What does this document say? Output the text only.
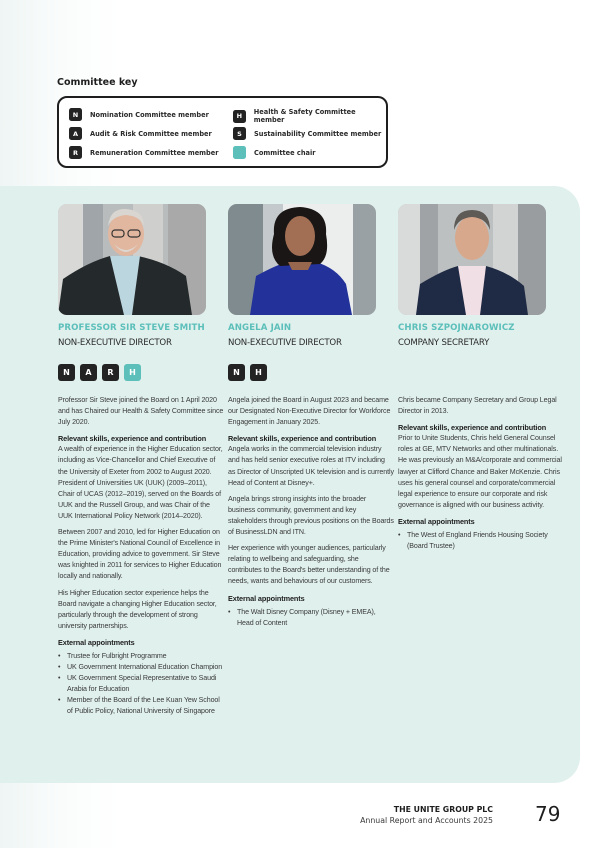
Committee key
N	Nomination Committee member
A	Audit & Risk Committee member
R	Remuneration Committee member
H	Health & Safety Committee member
S	Sustainability Committee member
Committee chair
PROFESSOR SIR STEVE SMITH
NON-EXECUTIVE DIRECTOR
N	A	R	H

Professor Sir Steve joined the Board on 1 April 2020 and has Chaired our Health & Safety Committee since July 2020.

Relevant skills, experience and contribution

A wealth of experience in the Higher Education sector, including as Vice-Chancellor and Chief Executive of the University of Exeter from 2002 to August 2020. President of Universities UK (UUK) (2009–2011), Chair of UCAS (2012–2019), served on the Boards of UUK and the Russell Group, and was Chair of the UUK International Policy Network (2014–2020).

Between 2007 and 2010, led for Higher Education on the Prime Minister's National Council of Excellence in Education, providing advice to government. Sir Steve was knighted in 2011 for services to Higher Education locally and nationally.

His Higher Education sector experience helps the Board navigate a changing Higher Education sector, particularly through the development of strong university partnerships.

External appointments
• Trustee for Fulbright Programme
• UK Government International Education Champion
• UK Government Special Representative to Saudi Arabia for Education
• Member of the Board of the Lee Kuan Yew School of Public Policy, National University of Singapore
ANGELA JAIN
NON-EXECUTIVE DIRECTOR
N	H

Angela joined the Board in August 2023 and became our Designated Non-Executive Director for Workforce Engagement in January 2025.

Relevant skills, experience and contribution

Angela works in the commercial television industry and has held senior executive roles at ITV including as Director of Unscripted UK television and is currently Head of Content at Disney+.

Angela brings strong insights into the broader business community, government and key stakeholders through previous positions on the Boards of BusinessLDN and ITN.

Her experience with younger audiences, particularly relating to wellbeing and safeguarding, she contributes to the Board's better understanding of the needs, wants and behaviours of our customers.

External appointments
• The Walt Disney Company (Disney + EMEA), Head of Content
CHRIS SZPOJNAROWICZ
COMPANY SECRETARY

Chris became Company Secretary and Group Legal Director in 2013.

Relevant skills, experience and contribution

Prior to Unite Students, Chris held General Counsel roles at GE, MTV Networks and other multinationals. He was previously an M&A/corporate and commercial lawyer at Clifford Chance and Baker McKenzie. Chris uses his general counsel and corporate/commercial legal experience to ensure our corporate and risk governance is aligned with our business activity.

External appointments
• The West of England Friends Housing Society (Board Trustee)
THE UNITE GROUP PLC
Annual Report and Accounts 2025 79
